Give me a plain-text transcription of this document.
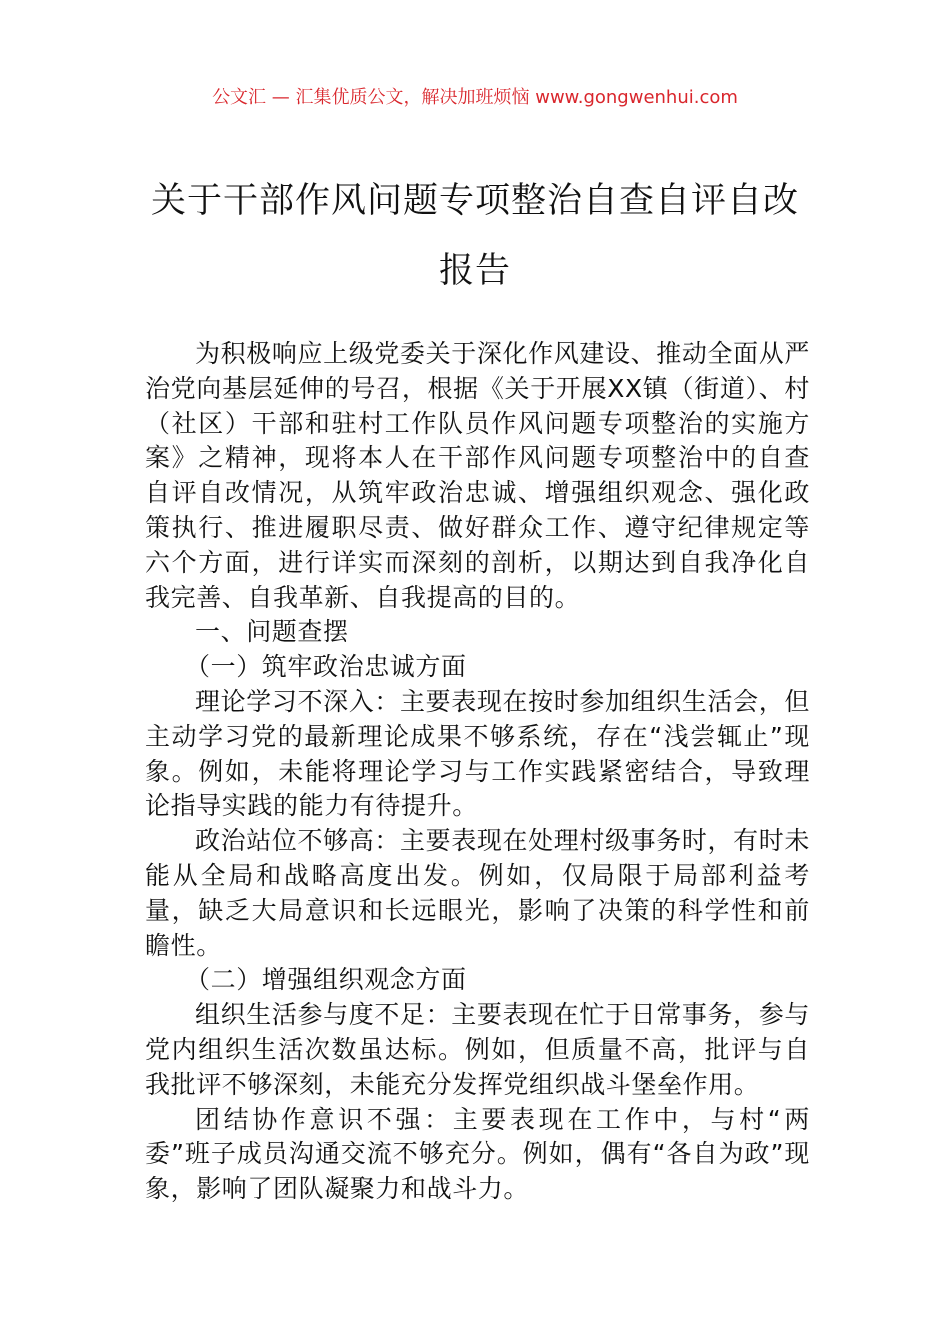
公文汇 — 汇集优质公文，解决加班烦恼 www.gongwenhui.com
关于干部作风问题专项整治自查自评自改
报告

为积极响应上级党委关于深化作风建设、推动全面从严治党向基层延伸的号召，根据《关于开展XX镇（街道）、村（社区）干部和驻村工作队员作风问题专项整治的实施方案》之精神，现将本人在干部作风问题专项整治中的自查自评自改情况，从筑牢政治忠诚、增强组织观念、强化政策执行、推进履职尽责、做好群众工作、遵守纪律规定等六个方面，进行详实而深刻的剖析，以期达到自我净化自我完善、自我革新、自我提高的目的。

一、问题查摆

（一）筑牢政治忠诚方面

理论学习不深入：主要表现在按时参加组织生活会，但主动学习党的最新理论成果不够系统，存在“浅尝辄止”现象。例如，未能将理论学习与工作实践紧密结合，导致理论指导实践的能力有待提升。

政治站位不够高：主要表现在处理村级事务时，有时未能从全局和战略高度出发。例如，仅局限于局部利益考量，缺乏大局意识和长远眼光，影响了决策的科学性和前瞻性。

（二）增强组织观念方面

组织生活参与度不足：主要表现在忙于日常事务，参与党内组织生活次数虽达标。例如，但质量不高，批评与自我批评不够深刻，未能充分发挥党组织战斗堡垒作用。

团结协作意识不强：主要表现在工作中，与村“两委”班子成员沟通交流不够充分。例如，偶有“各自为政”现象，影响了团队凝聚力和战斗力。
